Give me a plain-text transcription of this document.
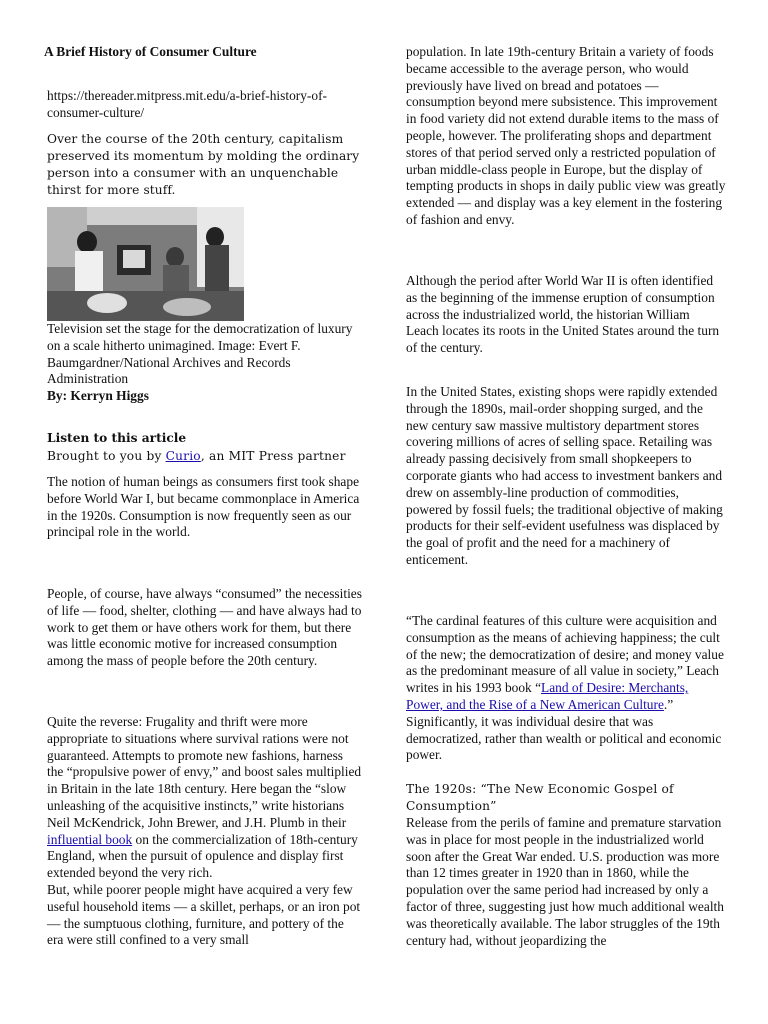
A Brief History of Consumer Culture

https://thereader.mitpress.mit.edu/a-brief-history-of-consumer-culture/

Over the course of the 20th century, capitalism preserved its momentum by molding the ordinary person into a consumer with an unquenchable thirst for more stuff.

Television set the stage for the democratization of luxury on a scale hitherto unimagined. Image: Evert F. Baumgardner/National Archives and Records Administration

By: Kerryn Higgs
Listen to this article
Brought to you by Curio, an MIT Press partner

The notion of human beings as consumers first took shape before World War I, but became commonplace in America in the 1920s. Consumption is now frequently seen as our principal role in the world.

People, of course, have always “consumed” the necessities of life — food, shelter, clothing — and have always had to work to get them or have others work for them, but there was little economic motive for increased consumption among the mass of people before the 20th century.

Quite the reverse: Frugality and thrift were more appropriate to situations where survival rations were not guaranteed. Attempts to promote new fashions, harness the “propulsive power of envy,” and boost sales multiplied in Britain in the late 18th century. Here began the “slow unleashing of the acquisitive instincts,” write historians Neil McKendrick, John Brewer, and J.H. Plumb in their influential book on the commercialization of 18th-century England, when the pursuit of opulence and display first extended beyond the very rich.

But, while poorer people might have acquired a very few useful household items — a skillet, perhaps, or an iron pot — the sumptuous clothing, furniture, and pottery of the era were still confined to a very small

population. In late 19th-century Britain a variety of foods became accessible to the average person, who would previously have lived on bread and potatoes — consumption beyond mere subsistence. This improvement in food variety did not extend durable items to the mass of people, however. The proliferating shops and department stores of that period served only a restricted population of urban middle-class people in Europe, but the display of tempting products in shops in daily public view was greatly extended — and display was a key element in the fostering of fashion and envy.

Although the period after World War II is often identified as the beginning of the immense eruption of consumption across the industrialized world, the historian William Leach locates its roots in the United States around the turn of the century.

In the United States, existing shops were rapidly extended through the 1890s, mail-order shopping surged, and the new century saw massive multistory department stores covering millions of acres of selling space. Retailing was already passing decisively from small shopkeepers to corporate giants who had access to investment bankers and drew on assembly-line production of commodities, powered by fossil fuels; the traditional objective of making products for their self-evident usefulness was displaced by the goal of profit and the need for a machinery of enticement.

“The cardinal features of this culture were acquisition and consumption as the means of achieving happiness; the cult of the new; the democratization of desire; and money value as the predominant measure of all value in society,” Leach writes in his 1993 book “Land of Desire: Merchants, Power, and the Rise of a New American Culture.” Significantly, it was individual desire that was democratized, rather than wealth or political and economic power.

The 1920s: “The New Economic Gospel of Consumption”

Release from the perils of famine and premature starvation was in place for most people in the industrialized world soon after the Great War ended. U.S. production was more than 12 times greater in 1920 than in 1860, while the population over the same period had increased by only a factor of three, suggesting just how much additional wealth was theoretically available. The labor struggles of the 19th century had, without jeopardizing the
